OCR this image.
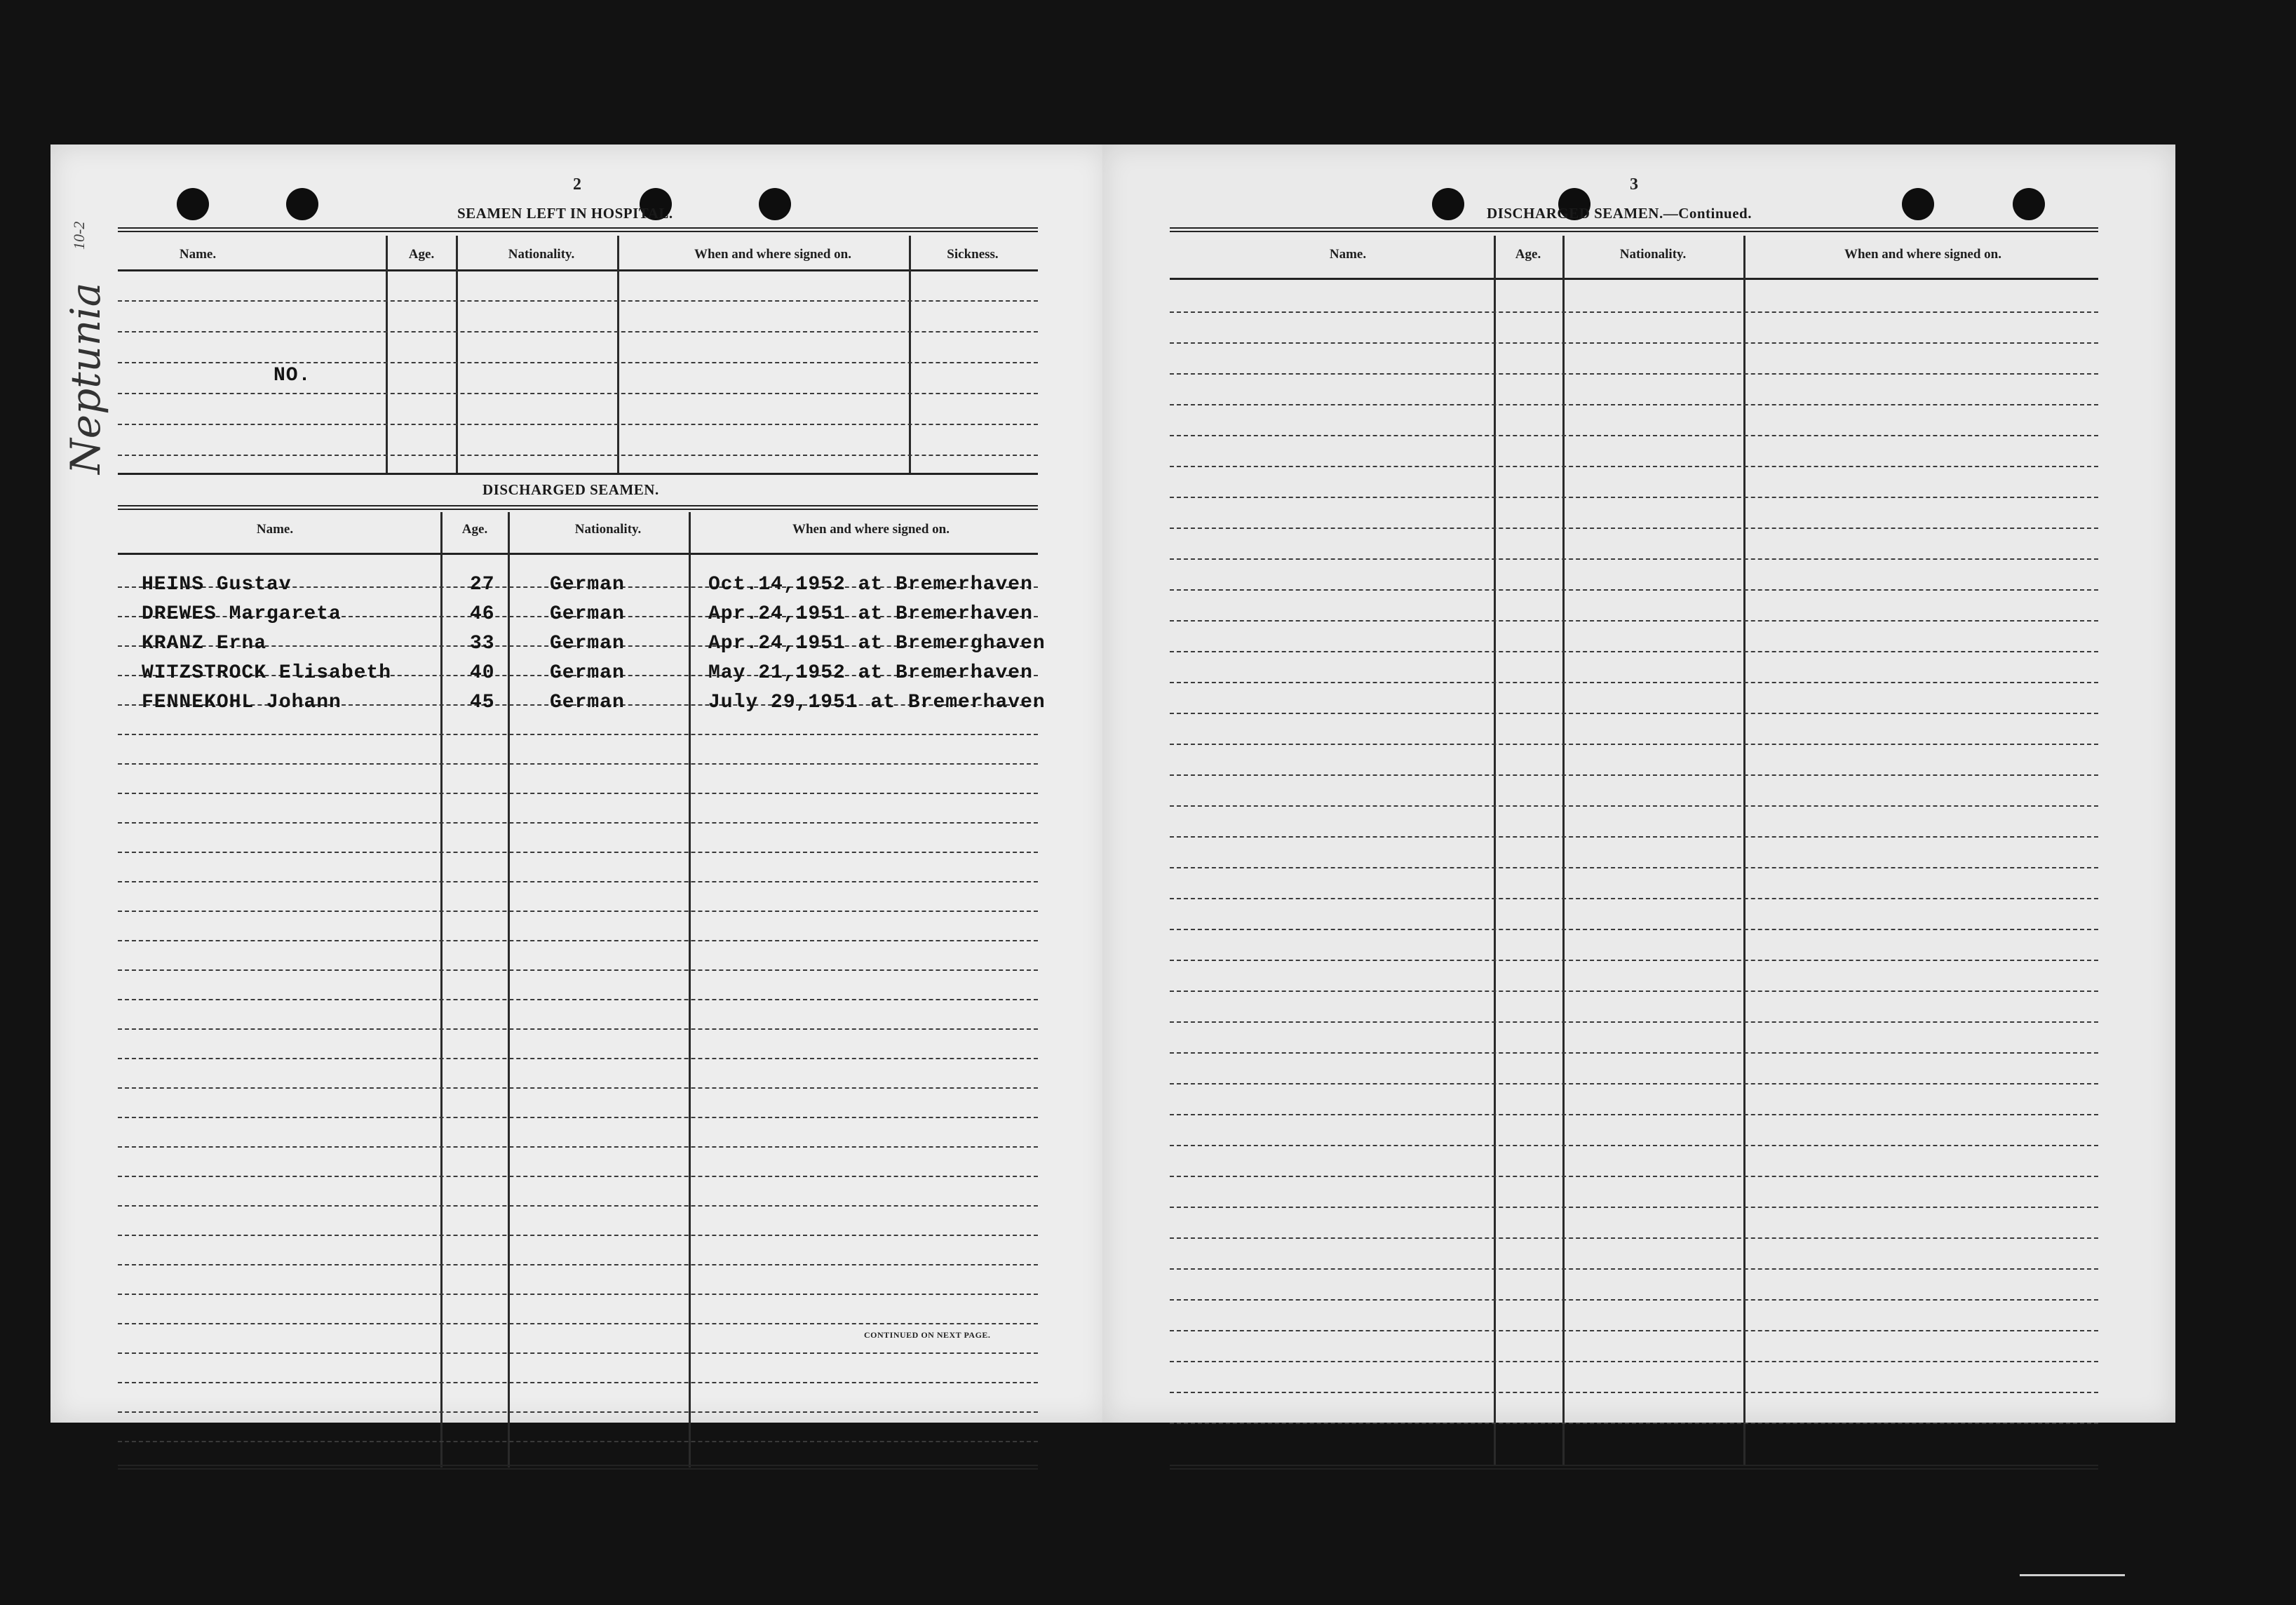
2
SEAMEN LEFT IN HOSPITAL.
Name.	Age.	Nationality.	When and where signed on.	Sickness.
NO.
DISCHARGED SEAMEN.
Name.	Age.	Nationality.	When and where signed on.
HEINS Gustav	27	German	Oct.14,1952 at Bremerhaven
DREWES Margareta	46	German	Apr.24,1951 at Bremerhaven
KRANZ Erna	33	German	Apr.24,1951 at Bremerghaven
WITZSTROCK Elisabeth	40	German	May 21,1952 at Bremerhaven
FENNEKOHL Johann	45	German	July 29,1951 at Bremerhaven
CONTINUED ON NEXT PAGE.
Neptunia
10-2
3
DISCHARGED SEAMEN.—Continued.
Name.	Age.	Nationality.	When and where signed on.
